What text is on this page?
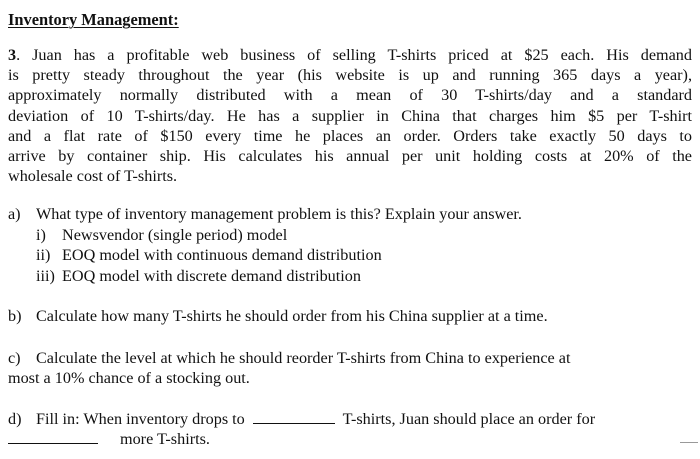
Inventory Management:
3. Juan has a profitable web business of selling T-shirts priced at $25 each. His demand
is pretty steady throughout the year (his website is up and running 365 days a year),
approximately normally distributed with a mean of 30 T-shirts/day and a standard
deviation of 10 T-shirts/day. He has a supplier in China that charges him $5 per T-shirt
and a flat rate of $150 every time he places an order. Orders take exactly 50 days to
arrive by container ship. His calculates his annual per unit holding costs at 20% of the
wholesale cost of T-shirts.
a) What type of inventory management problem is this? Explain your answer.
i) Newsvendor (single period) model
ii) EOQ model with continuous demand distribution
iii) EOQ model with discrete demand distribution
b) Calculate how many T-shirts he should order from his China supplier at a time.
c) Calculate the level at which he should reorder T-shirts from China to experience at
most a 10% chance of a stocking out.
d) Fill in: When inventory drops to	T-shirts, Juan should place an order for
more T-shirts.
